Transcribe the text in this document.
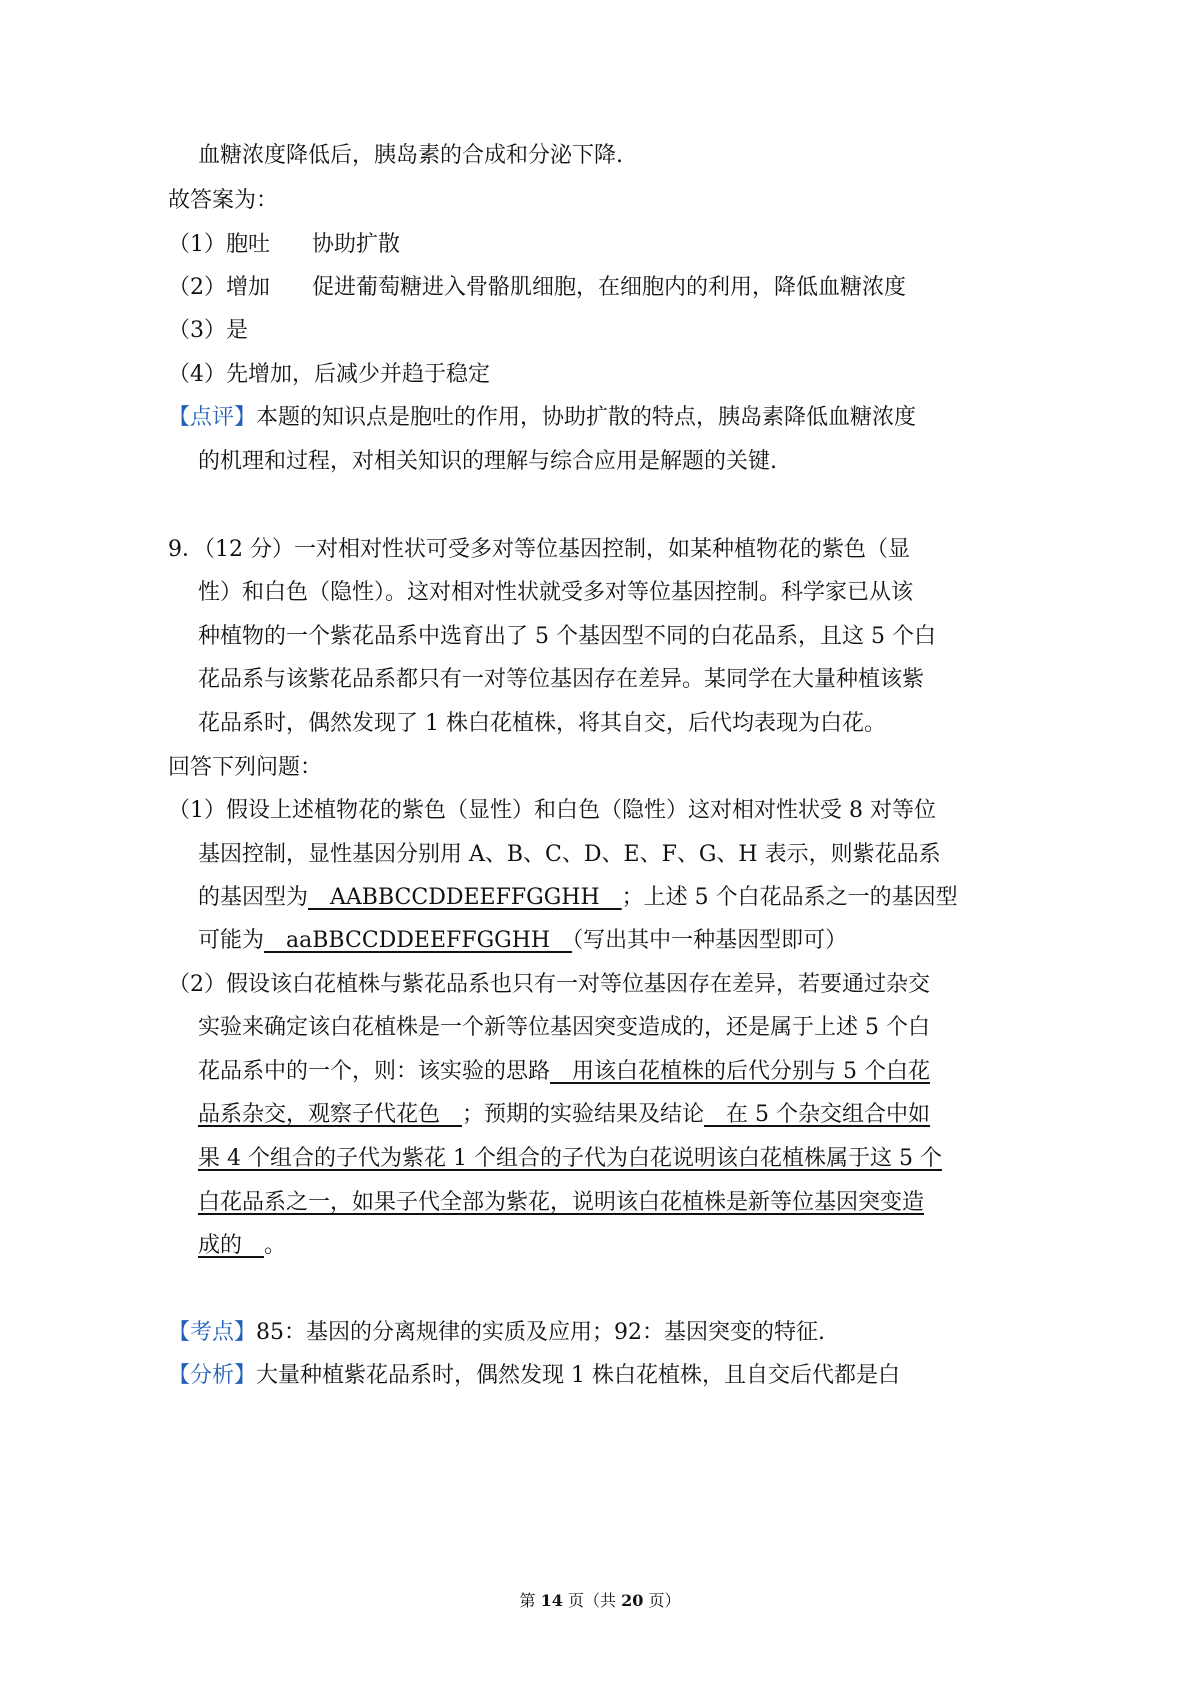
血糖浓度降低后，胰岛素的合成和分泌下降.
故答案为：
（1）胞吐 协助扩散
（2）增加 促进葡萄糖进入骨骼肌细胞，在细胞内的利用，降低血糖浓度
（3）是
（4）先增加，后减少并趋于稳定
【点评】本题的知识点是胞吐的作用，协助扩散的特点，胰岛素降低血糖浓度
的机理和过程，对相关知识的理解与综合应用是解题的关键.
9．（12 分）一对相对性状可受多对等位基因控制，如某种植物花的紫色（显
性）和白色（隐性）。这对相对性状就受多对等位基因控制。科学家已从该
种植物的一个紫花品系中选育出了 5 个基因型不同的白花品系，且这 5 个白
花品系与该紫花品系都只有一对等位基因存在差异。某同学在大量种植该紫
花品系时，偶然发现了 1 株白花植株，将其自交，后代均表现为白花。
回答下列问题：
（1）假设上述植物花的紫色（显性）和白色（隐性）这对相对性状受 8 对等位
基因控制，显性基因分别用 A、B、C、D、E、F、G、H 表示，则紫花品系
的基因型为　AABBCCDDEEFFGGHH　；上述 5 个白花品系之一的基因型
可能为　aaBBCCDDEEFFGGHH　（写出其中一种基因型即可）
（2）假设该白花植株与紫花品系也只有一对等位基因存在差异，若要通过杂交
实验来确定该白花植株是一个新等位基因突变造成的，还是属于上述 5 个白
花品系中的一个，则：该实验的思路　用该白花植株的后代分别与 5 个白花
品系杂交，观察子代花色　；预期的实验结果及结论　在 5 个杂交组合中如
果 4 个组合的子代为紫花 1 个组合的子代为白花说明该白花植株属于这 5 个
白花品系之一，如果子代全部为紫花，说明该白花植株是新等位基因突变造
成的　。
【考点】85：基因的分离规律的实质及应用；92：基因突变的特征.
【分析】大量种植紫花品系时，偶然发现 1 株白花植株，且自交后代都是白
第 14 页（共 20 页）
